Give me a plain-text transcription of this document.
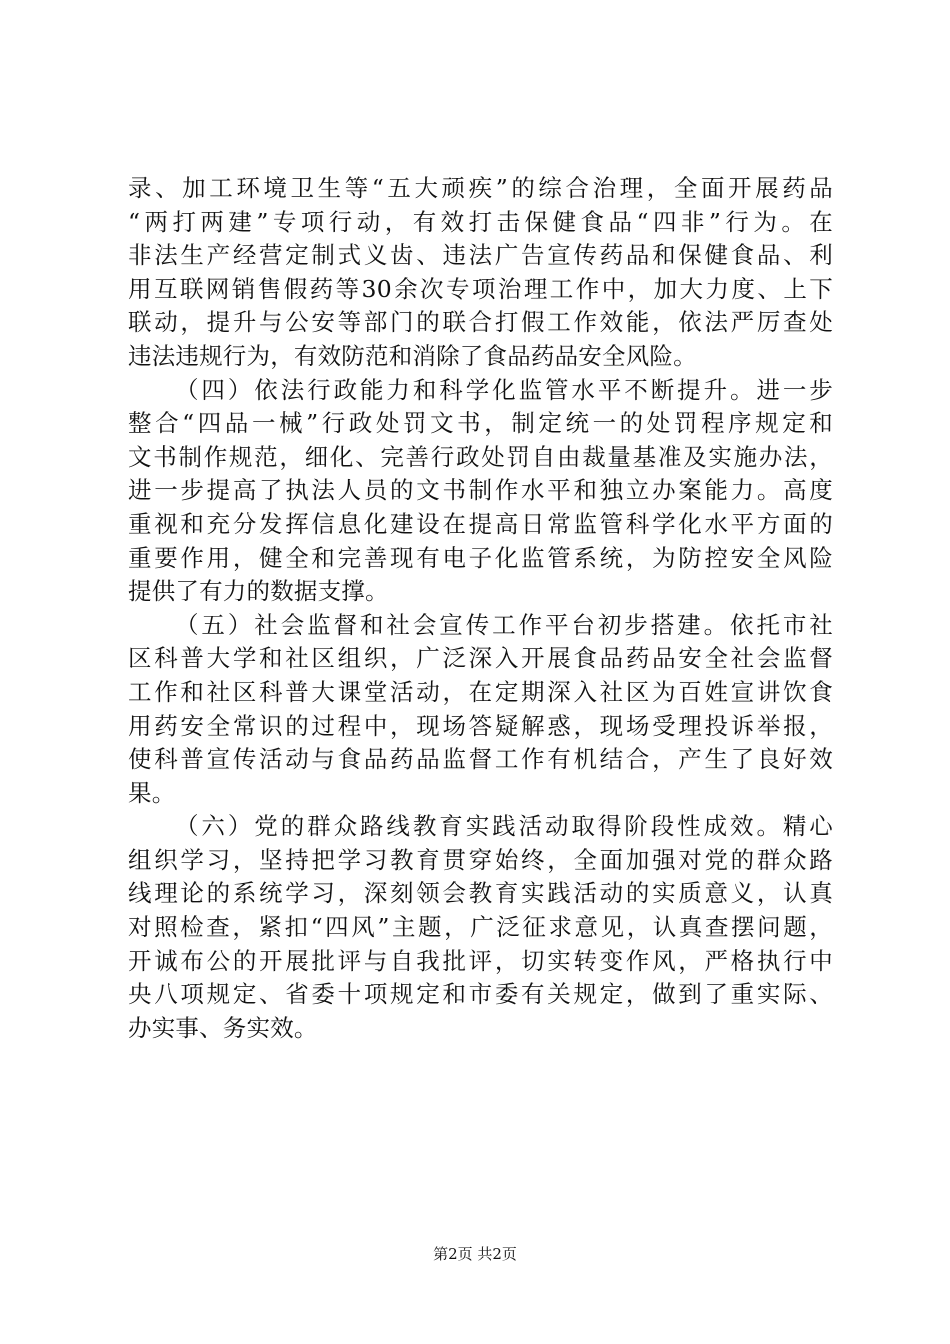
录、加工环境卫生等“五大顽疾”的综合治理，全面开展药品
“两打两建”专项行动，有效打击保健食品“四非”行为。在
非法生产经营定制式义齿、违法广告宣传药品和保健食品、利
用互联网销售假药等30余次专项治理工作中，加大力度、上下
联动，提升与公安等部门的联合打假工作效能，依法严厉查处
违法违规行为，有效防范和消除了食品药品安全风险。
（四）依法行政能力和科学化监管水平不断提升。进一步
整合“四品一械”行政处罚文书，制定统一的处罚程序规定和
文书制作规范，细化、完善行政处罚自由裁量基准及实施办法，
进一步提高了执法人员的文书制作水平和独立办案能力。高度
重视和充分发挥信息化建设在提高日常监管科学化水平方面的
重要作用，健全和完善现有电子化监管系统，为防控安全风险
提供了有力的数据支撑。
（五）社会监督和社会宣传工作平台初步搭建。依托市社
区科普大学和社区组织，广泛深入开展食品药品安全社会监督
工作和社区科普大课堂活动，在定期深入社区为百姓宣讲饮食
用药安全常识的过程中，现场答疑解惑，现场受理投诉举报，
使科普宣传活动与食品药品监督工作有机结合，产生了良好效
果。
（六）党的群众路线教育实践活动取得阶段性成效。精心
组织学习，坚持把学习教育贯穿始终，全面加强对党的群众路
线理论的系统学习，深刻领会教育实践活动的实质意义，认真
对照检查，紧扣“四风”主题，广泛征求意见，认真查摆问题，
开诚布公的开展批评与自我批评，切实转变作风，严格执行中
央八项规定、省委十项规定和市委有关规定，做到了重实际、
办实事、务实效。
第2页 共2页
